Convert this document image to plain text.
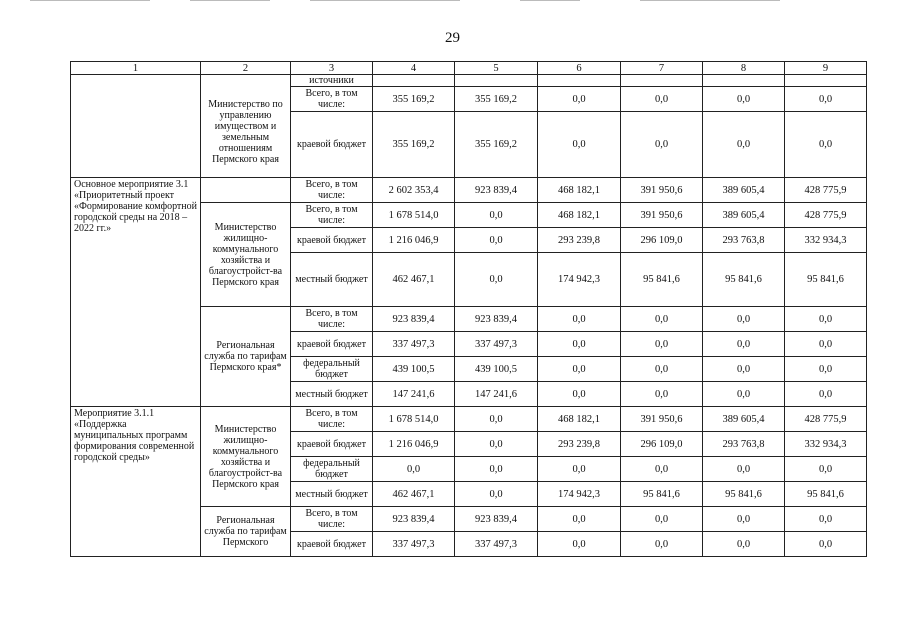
29
1	2	3	4	5	6	7	8	9
		источники						
	Министерство по управлению имуществом и земельным отношениям Пермского края	Всего, в том числе:	355 169,2	355 169,2	0,0	0,0	0,0	0,0
		краевой бюджет	355 169,2	355 169,2	0,0	0,0	0,0	0,0
Основное мероприятие 3.1 «Приоритетный проект «Формирование комфортной городской среды на 2018 – 2022 гг.»		Всего, в том числе:	2 602 353,4	923 839,4	468 182,1	391 950,6	389 605,4	428 775,9
	Министерство жилищно-коммунального хозяйства и благоустройст-ва Пермского края	Всего, в том числе:	1 678 514,0	0,0	468 182,1	391 950,6	389 605,4	428 775,9
		краевой бюджет	1 216 046,9	0,0	293 239,8	296 109,0	293 763,8	332 934,3
		местный бюджет	462 467,1	0,0	174 942,3	95 841,6	95 841,6	95 841,6
	Региональная служба по тарифам Пермского края*	Всего, в том числе:	923 839,4	923 839,4	0,0	0,0	0,0	0,0
		краевой бюджет	337 497,3	337 497,3	0,0	0,0	0,0	0,0
		федеральный бюджет	439 100,5	439 100,5	0,0	0,0	0,0	0,0
		местный бюджет	147 241,6	147 241,6	0,0	0,0	0,0	0,0
Мероприятие 3.1.1 «Поддержка муниципальных программ формирования современной городской среды»	Министерство жилищно-коммунального хозяйства и благоустройст-ва Пермского края	Всего, в том числе:	1 678 514,0	0,0	468 182,1	391 950,6	389 605,4	428 775,9
		краевой бюджет	1 216 046,9	0,0	293 239,8	296 109,0	293 763,8	332 934,3
		федеральный бюджет	0,0	0,0	0,0	0,0	0,0	0,0
		местный бюджет	462 467,1	0,0	174 942,3	95 841,6	95 841,6	95 841,6
	Региональная служба по тарифам Пермского	Всего, в том числе:	923 839,4	923 839,4	0,0	0,0	0,0	0,0
		краевой бюджет	337 497,3	337 497,3	0,0	0,0	0,0	0,0
